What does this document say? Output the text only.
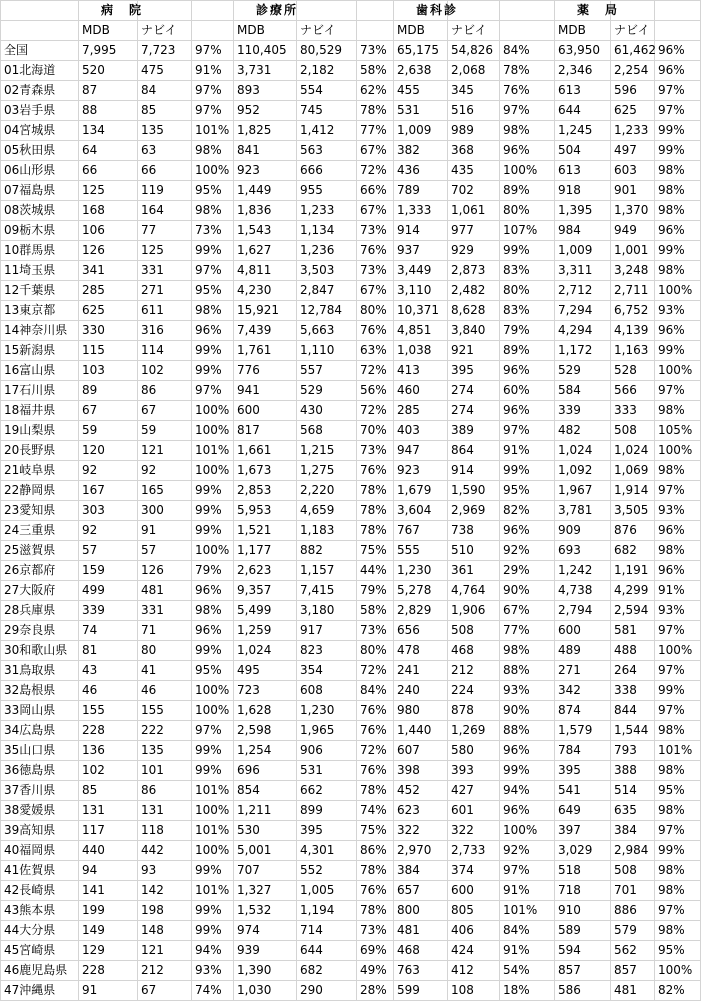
	病　院			診療所			歯科診			薬　局		
	MDB	ナビイ		MDB	ナビイ		MDB	ナビイ		MDB	ナビイ	
全国	7,995	7,723	97%	110,405	80,529	73%	65,175	54,826	84%	63,950	61,462	96%
01北海道	520	475	91%	3,731	2,182	58%	2,638	2,068	78%	2,346	2,254	96%
02青森県	87	84	97%	893	554	62%	455	345	76%	613	596	97%
03岩手県	88	85	97%	952	745	78%	531	516	97%	644	625	97%
04宮城県	134	135	101%	1,825	1,412	77%	1,009	989	98%	1,245	1,233	99%
05秋田県	64	63	98%	841	563	67%	382	368	96%	504	497	99%
06山形県	66	66	100%	923	666	72%	436	435	100%	613	603	98%
07福島県	125	119	95%	1,449	955	66%	789	702	89%	918	901	98%
08茨城県	168	164	98%	1,836	1,233	67%	1,333	1,061	80%	1,395	1,370	98%
09栃木県	106	77	73%	1,543	1,134	73%	914	977	107%	984	949	96%
10群馬県	126	125	99%	1,627	1,236	76%	937	929	99%	1,009	1,001	99%
11埼玉県	341	331	97%	4,811	3,503	73%	3,449	2,873	83%	3,311	3,248	98%
12千葉県	285	271	95%	4,230	2,847	67%	3,110	2,482	80%	2,712	2,711	100%
13東京都	625	611	98%	15,921	12,784	80%	10,371	8,628	83%	7,294	6,752	93%
14神奈川県	330	316	96%	7,439	5,663	76%	4,851	3,840	79%	4,294	4,139	96%
15新潟県	115	114	99%	1,761	1,110	63%	1,038	921	89%	1,172	1,163	99%
16富山県	103	102	99%	776	557	72%	413	395	96%	529	528	100%
17石川県	89	86	97%	941	529	56%	460	274	60%	584	566	97%
18福井県	67	67	100%	600	430	72%	285	274	96%	339	333	98%
19山梨県	59	59	100%	817	568	70%	403	389	97%	482	508	105%
20長野県	120	121	101%	1,661	1,215	73%	947	864	91%	1,024	1,024	100%
21岐阜県	92	92	100%	1,673	1,275	76%	923	914	99%	1,092	1,069	98%
22静岡県	167	165	99%	2,853	2,220	78%	1,679	1,590	95%	1,967	1,914	97%
23愛知県	303	300	99%	5,953	4,659	78%	3,604	2,969	82%	3,781	3,505	93%
24三重県	92	91	99%	1,521	1,183	78%	767	738	96%	909	876	96%
25滋賀県	57	57	100%	1,177	882	75%	555	510	92%	693	682	98%
26京都府	159	126	79%	2,623	1,157	44%	1,230	361	29%	1,242	1,191	96%
27大阪府	499	481	96%	9,357	7,415	79%	5,278	4,764	90%	4,738	4,299	91%
28兵庫県	339	331	98%	5,499	3,180	58%	2,829	1,906	67%	2,794	2,594	93%
29奈良県	74	71	96%	1,259	917	73%	656	508	77%	600	581	97%
30和歌山県	81	80	99%	1,024	823	80%	478	468	98%	489	488	100%
31鳥取県	43	41	95%	495	354	72%	241	212	88%	271	264	97%
32島根県	46	46	100%	723	608	84%	240	224	93%	342	338	99%
33岡山県	155	155	100%	1,628	1,230	76%	980	878	90%	874	844	97%
34広島県	228	222	97%	2,598	1,965	76%	1,440	1,269	88%	1,579	1,544	98%
35山口県	136	135	99%	1,254	906	72%	607	580	96%	784	793	101%
36徳島県	102	101	99%	696	531	76%	398	393	99%	395	388	98%
37香川県	85	86	101%	854	662	78%	452	427	94%	541	514	95%
38愛媛県	131	131	100%	1,211	899	74%	623	601	96%	649	635	98%
39高知県	117	118	101%	530	395	75%	322	322	100%	397	384	97%
40福岡県	440	442	100%	5,001	4,301	86%	2,970	2,733	92%	3,029	2,984	99%
41佐賀県	94	93	99%	707	552	78%	384	374	97%	518	508	98%
42長崎県	141	142	101%	1,327	1,005	76%	657	600	91%	718	701	98%
43熊本県	199	198	99%	1,532	1,194	78%	800	805	101%	910	886	97%
44大分県	149	148	99%	974	714	73%	481	406	84%	589	579	98%
45宮崎県	129	121	94%	939	644	69%	468	424	91%	594	562	95%
46鹿児島県	228	212	93%	1,390	682	49%	763	412	54%	857	857	100%
47沖縄県	91	67	74%	1,030	290	28%	599	108	18%	586	481	82%
